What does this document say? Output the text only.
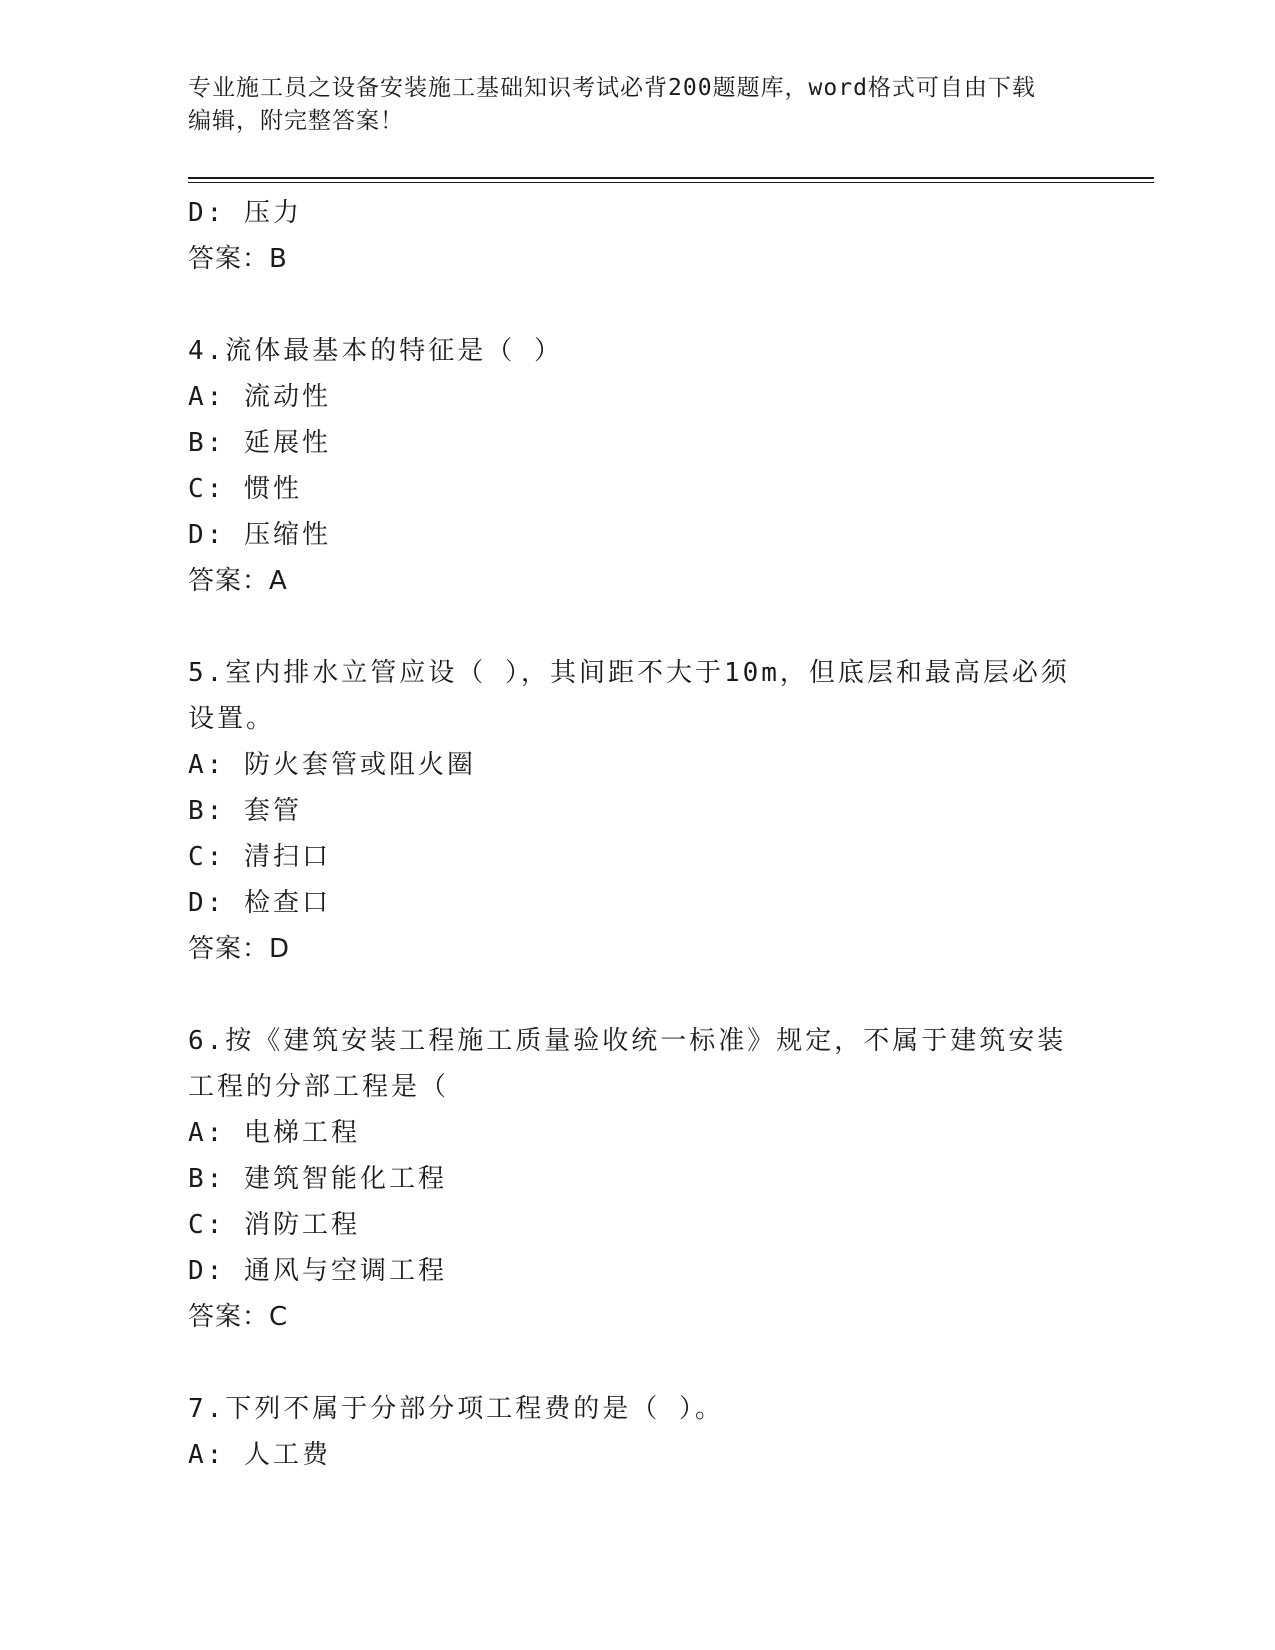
专业施工员之设备安装施工基础知识考试必背200题题库，word格式可自由下载
编辑，附完整答案！
D: 压力
答案：B
4.流体最基本的特征是（ ）
A: 流动性
B: 延展性
C: 惯性
D: 压缩性
答案：A
5.室内排水立管应设（ ），其间距不大于10m，但底层和最高层必须
设置。
A: 防火套管或阻火圈
B: 套管
C: 清扫口
D: 检查口
答案：D
6.按《建筑安装工程施工质量验收统一标准》规定，不属于建筑安装
工程的分部工程是（
A: 电梯工程
B: 建筑智能化工程
C: 消防工程
D: 通风与空调工程
答案：C
7.下列不属于分部分项工程费的是（ ）。
A: 人工费
